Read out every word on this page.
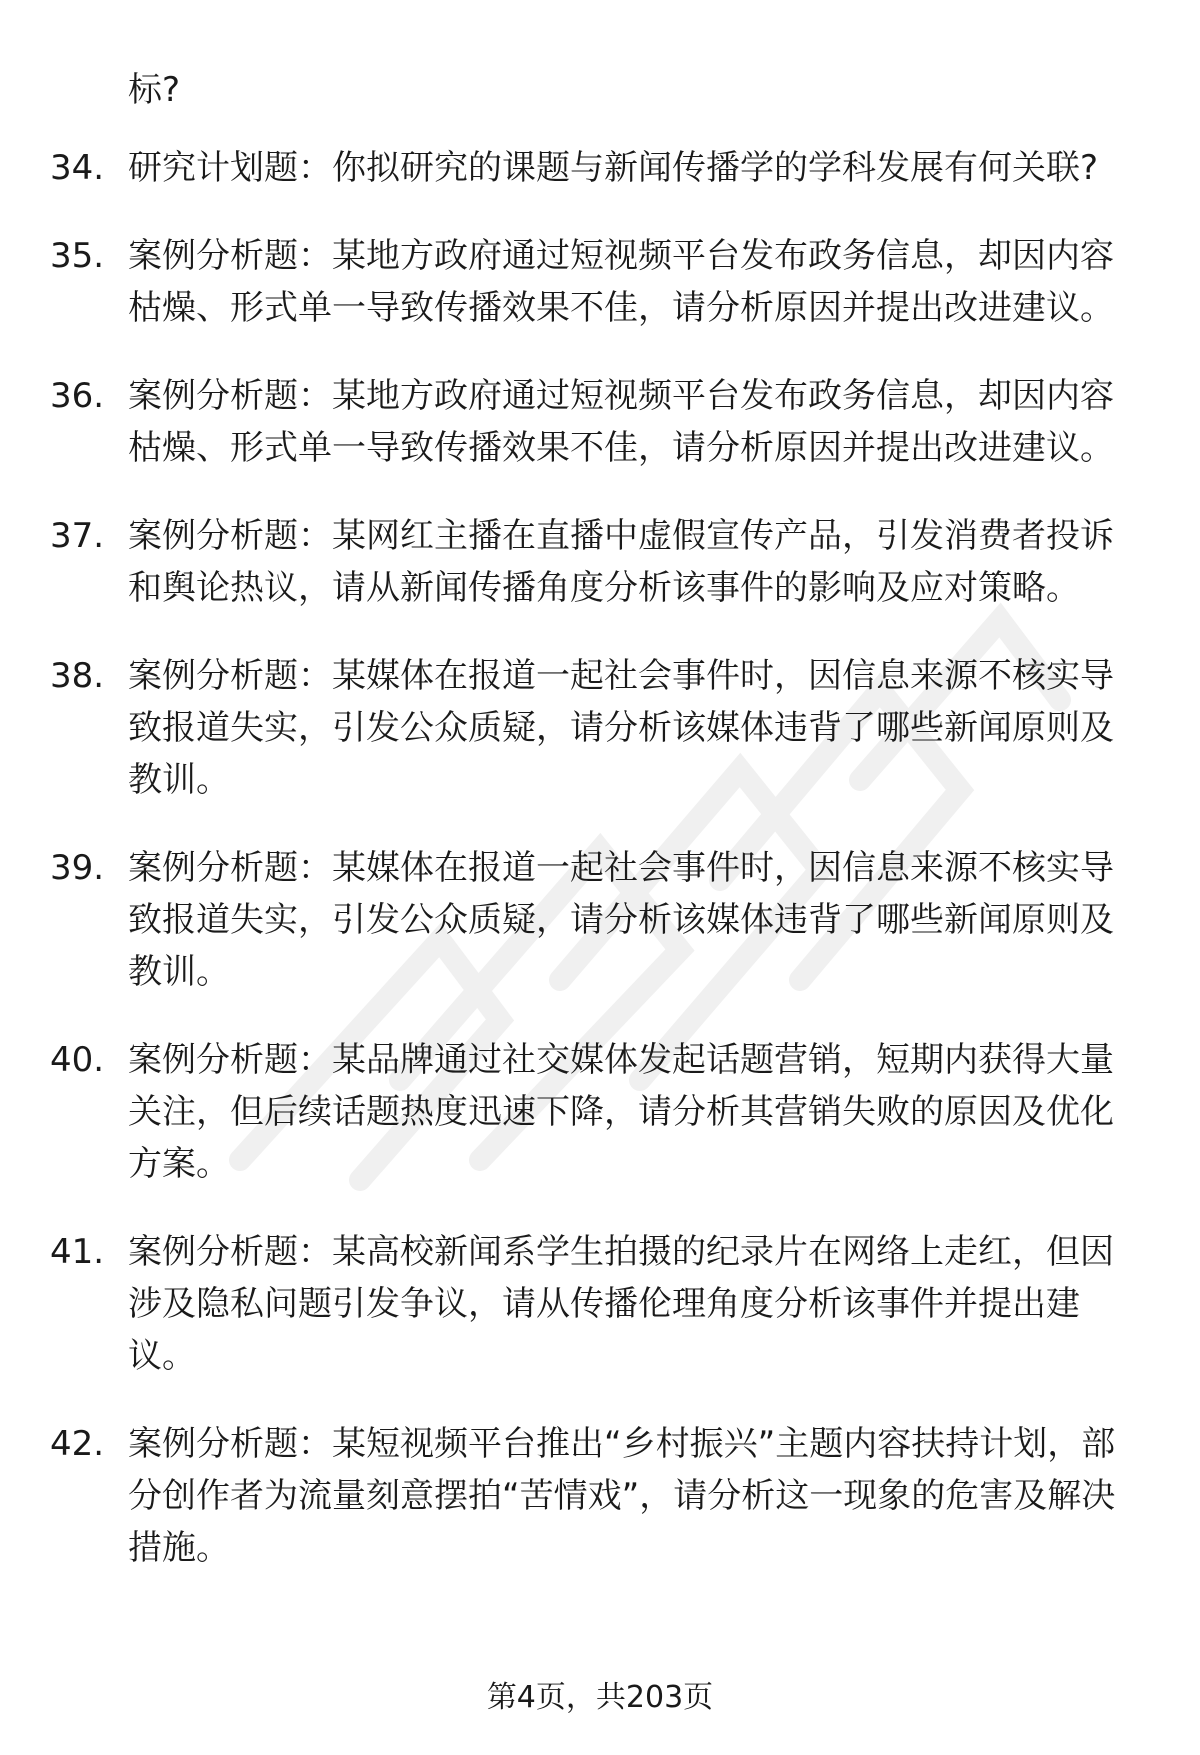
标?
34. 研究计划题：你拟研究的课题与新闻传播学的学科发展有何关联?
35. 案例分析题：某地方政府通过短视频平台发布政务信息，却因内容枯燥、形式单一导致传播效果不佳，请分析原因并提出改进建议。
36. 案例分析题：某地方政府通过短视频平台发布政务信息，却因内容枯燥、形式单一导致传播效果不佳，请分析原因并提出改进建议。
37. 案例分析题：某网红主播在直播中虚假宣传产品，引发消费者投诉和舆论热议，请从新闻传播角度分析该事件的影响及应对策略。
38. 案例分析题：某媒体在报道一起社会事件时，因信息来源不核实导致报道失实，引发公众质疑，请分析该媒体违背了哪些新闻原则及教训。
39. 案例分析题：某媒体在报道一起社会事件时，因信息来源不核实导致报道失实，引发公众质疑，请分析该媒体违背了哪些新闻原则及教训。
40. 案例分析题：某品牌通过社交媒体发起话题营销，短期内获得大量关注，但后续话题热度迅速下降，请分析其营销失败的原因及优化方案。
41. 案例分析题：某高校新闻系学生拍摄的纪录片在网络上走红，但因涉及隐私问题引发争议，请从传播伦理角度分析该事件并提出建议。
42. 案例分析题：某短视频平台推出“乡村振兴”主题内容扶持计划，部分创作者为流量刻意摆拍“苦情戏”，请分析这一现象的危害及解决措施。
第4页，共203页
